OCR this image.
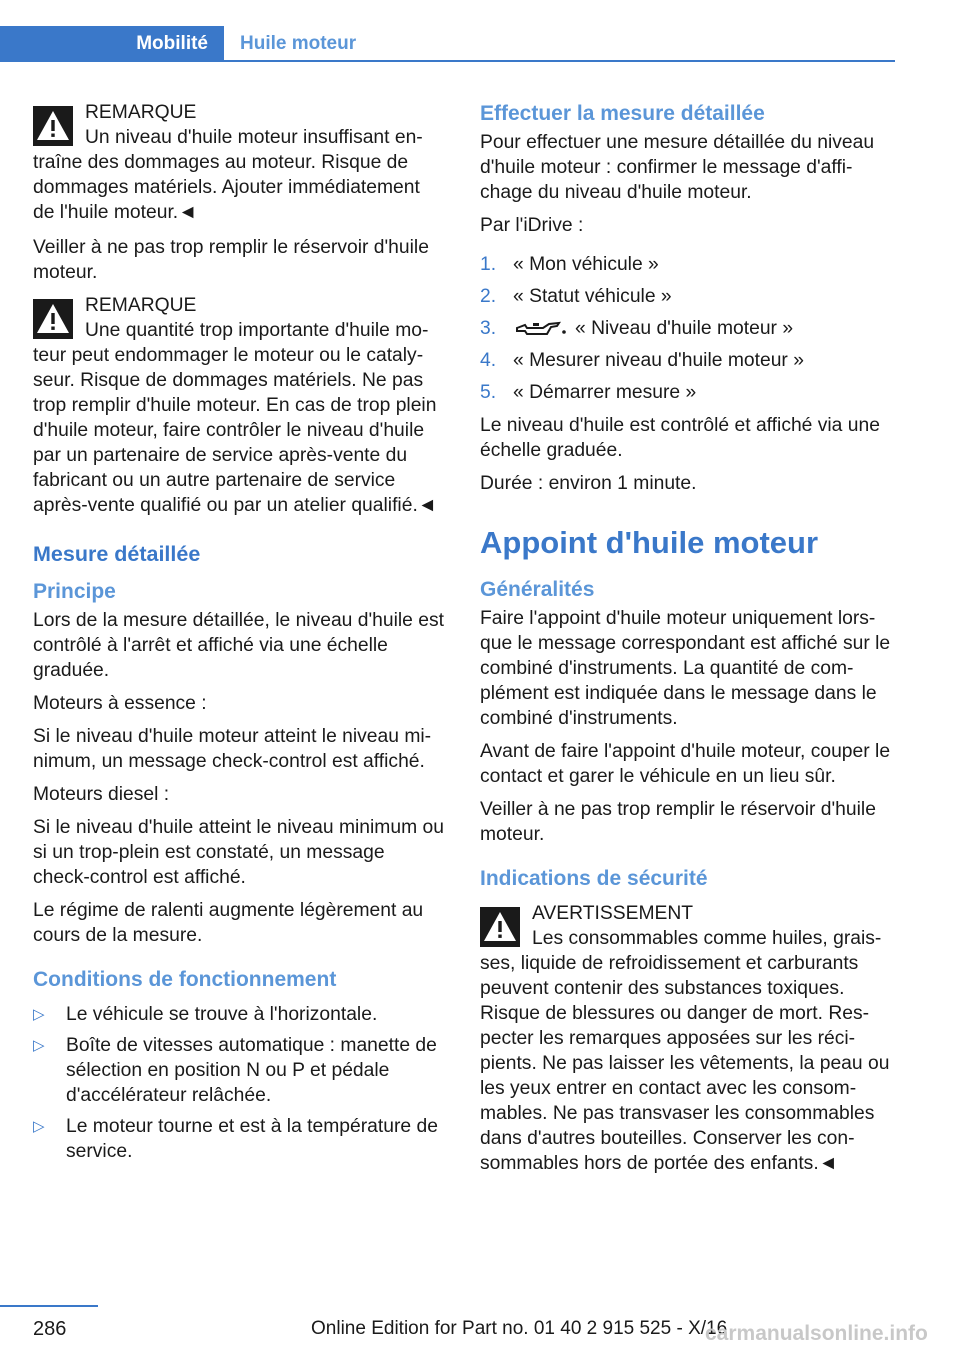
Mobilité	Huile moteur
REMARQUE
Un niveau d'huile moteur insuffisant en-traîne des dommages au moteur. Risque de dommages matériels. Ajouter immédiatement de l'huile moteur.◄

Veiller à ne pas trop remplir le réservoir d'huile moteur.

REMARQUE
Une quantité trop importante d'huile mo-teur peut endommager le moteur ou le cataly-seur. Risque de dommages matériels. Ne pas trop remplir d'huile moteur. En cas de trop plein d'huile moteur, faire contrôler le niveau d'huile par un partenaire de service après-vente du fabricant ou un autre partenaire de service après-vente qualifié ou par un atelier qualifié.◄
Mesure détaillée
Principe

Lors de la mesure détaillée, le niveau d'huile est contrôlé à l'arrêt et affiché via une échelle graduée.

Moteurs à essence :

Si le niveau d'huile moteur atteint le niveau mi-nimum, un message check-control est affiché.

Moteurs diesel :

Si le niveau d'huile atteint le niveau minimum ou si un trop-plein est constaté, un message check-control est affiché.

Le régime de ralenti augmente légèrement au cours de la mesure.

Conditions de fonctionnement
▷ Le véhicule se trouve à l'horizontale.
▷ Boîte de vitesses automatique : manette de sélection en position N ou P et pédale d'accélérateur relâchée.
▷ Le moteur tourne et est à la température de service.
Effectuer la mesure détaillée

Pour effectuer une mesure détaillée du niveau d'huile moteur : confirmer le message d'affi-chage du niveau d'huile moteur.

Par l'iDrive :

1. « Mon véhicule »
2. « Statut véhicule »
3.	« Niveau d'huile moteur »
4. « Mesurer niveau d'huile moteur »
5. « Démarrer mesure »

Le niveau d'huile est contrôlé et affiché via une échelle graduée.

Durée : environ 1 minute.

Appoint d'huile moteur
Généralités

Faire l'appoint d'huile moteur uniquement lors-que le message correspondant est affiché sur le combiné d'instruments. La quantité de com-plément est indiquée dans le message dans le combiné d'instruments.

Avant de faire l'appoint d'huile moteur, couper le contact et garer le véhicule en un lieu sûr.

Veiller à ne pas trop remplir le réservoir d'huile moteur.

Indications de sécurité
AVERTISSEMENT
Les consommables comme huiles, grais-ses, liquide de refroidissement et carburants peuvent contenir des substances toxiques. Risque de blessures ou danger de mort. Res-pecter les remarques apposées sur les réci-pients. Ne pas laisser les vêtements, la peau ou les yeux entrer en contact avec les consom-mables. Ne pas transvaser les consommables dans d'autres bouteilles. Conserver les con-sommables hors de portée des enfants.◄
286	Online Edition for Part no. 01 40 2 915 525 - X/16
carmanualsonline.info
